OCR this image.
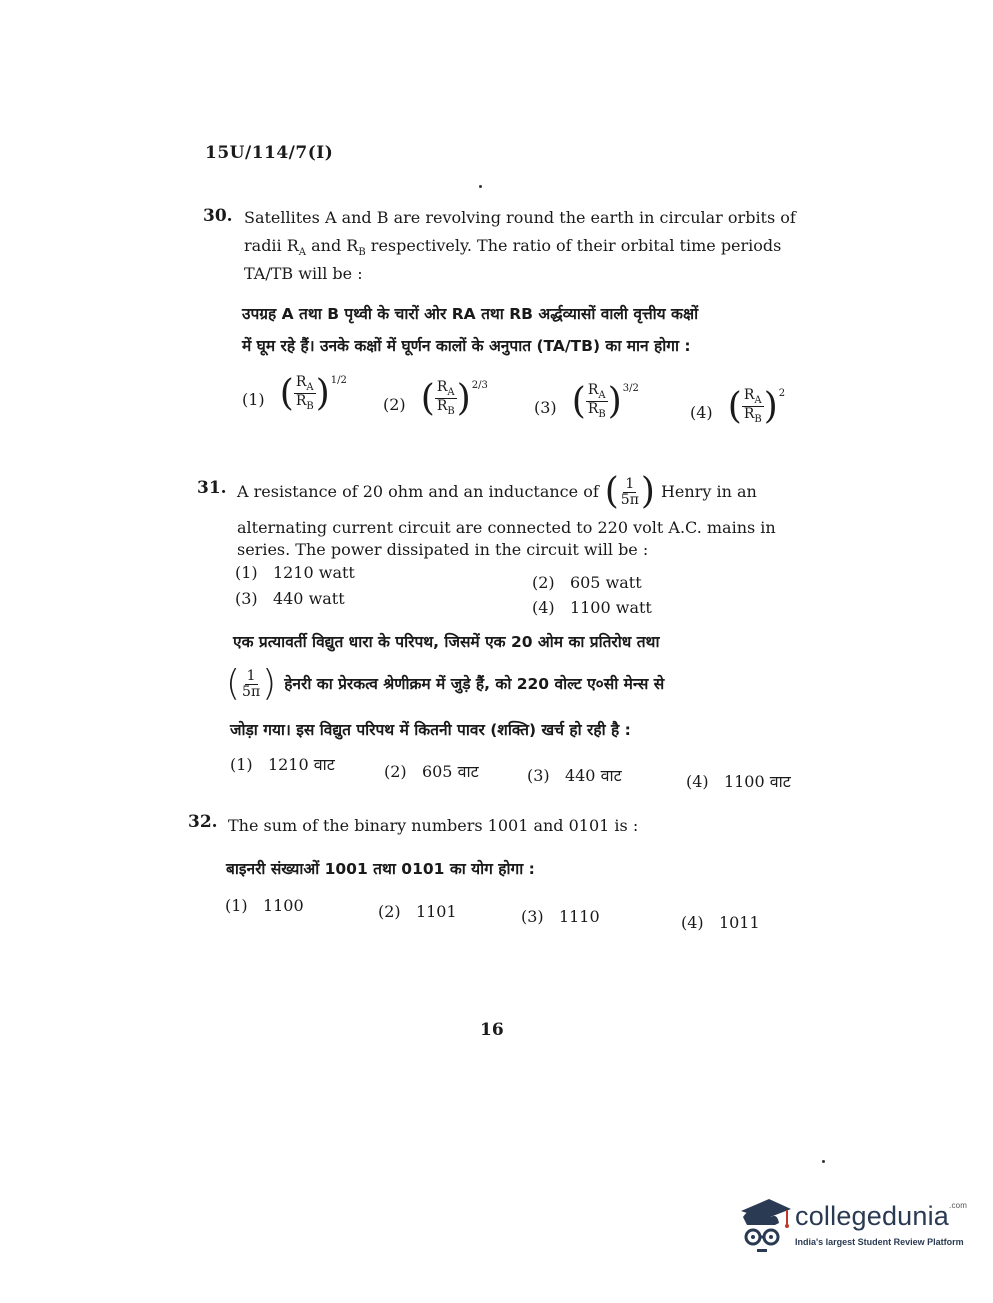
15U/114/7(I)
30. Satellites A and B are revolving round the earth in circular orbits of
radii $R_A$ and $R_B$ respectively. The ratio of their orbital time periods
TA/TB will be :
उपग्रह A तथा B पृथ्वी के चारों ओर RA तथा RB अर्द्धव्यासों वाली वृत्तीय कक्षों
में घूम रहे हैं। उनके कक्षों में घूर्णन कालों के अनुपात (TA/TB) का मान होगा :
(1) ( $\frac{R_A}{R_B} )^{1/2}$
(2) ( $\frac{R_A}{R_B} )^{2/3}$
(3) ( $\frac{R_A}{R_B} )^{3/2}$
(4) ( $\frac{R_A}{R_B} )^2$
31. A resistance of 20 ohm and an inductance of ( $\frac{1}{5\pi}$ ) Henry in an
alternating current circuit are connected to 220 volt A.C. mains in
series. The power dissipated in the circuit will be :
(1) 1210 watt
(2) 605 watt
(3) 440 watt	(4) 1100 watt
एक प्रत्यावर्ती विद्युत धारा के परिपथ, जिसमें एक 20 ओम का प्रतिरोध तथा
( $\frac{1}{5\pi}$ ) हेनरी का प्रेरकत्व श्रेणीक्रम में जुड़े हैं, को 220 वोल्ट ए०सी मेन्स से
जोड़ा गया। इस विद्युत परिपथ में कितनी पावर (शक्ति) खर्च हो रही है :
(1) 1210 वाट	(2) 605 वाट	(3) 440 वाट	(4) 1100 वाट
32. The sum of the binary numbers 1001 and 0101 is :
बाइनरी संख्याओं 1001 तथा 0101 का योग होगा :
(1) 1100	(2) 1101	(3) 1110	(4) 1011
16
collegedunia$^{.com}$
India's largest Student Review Platform
